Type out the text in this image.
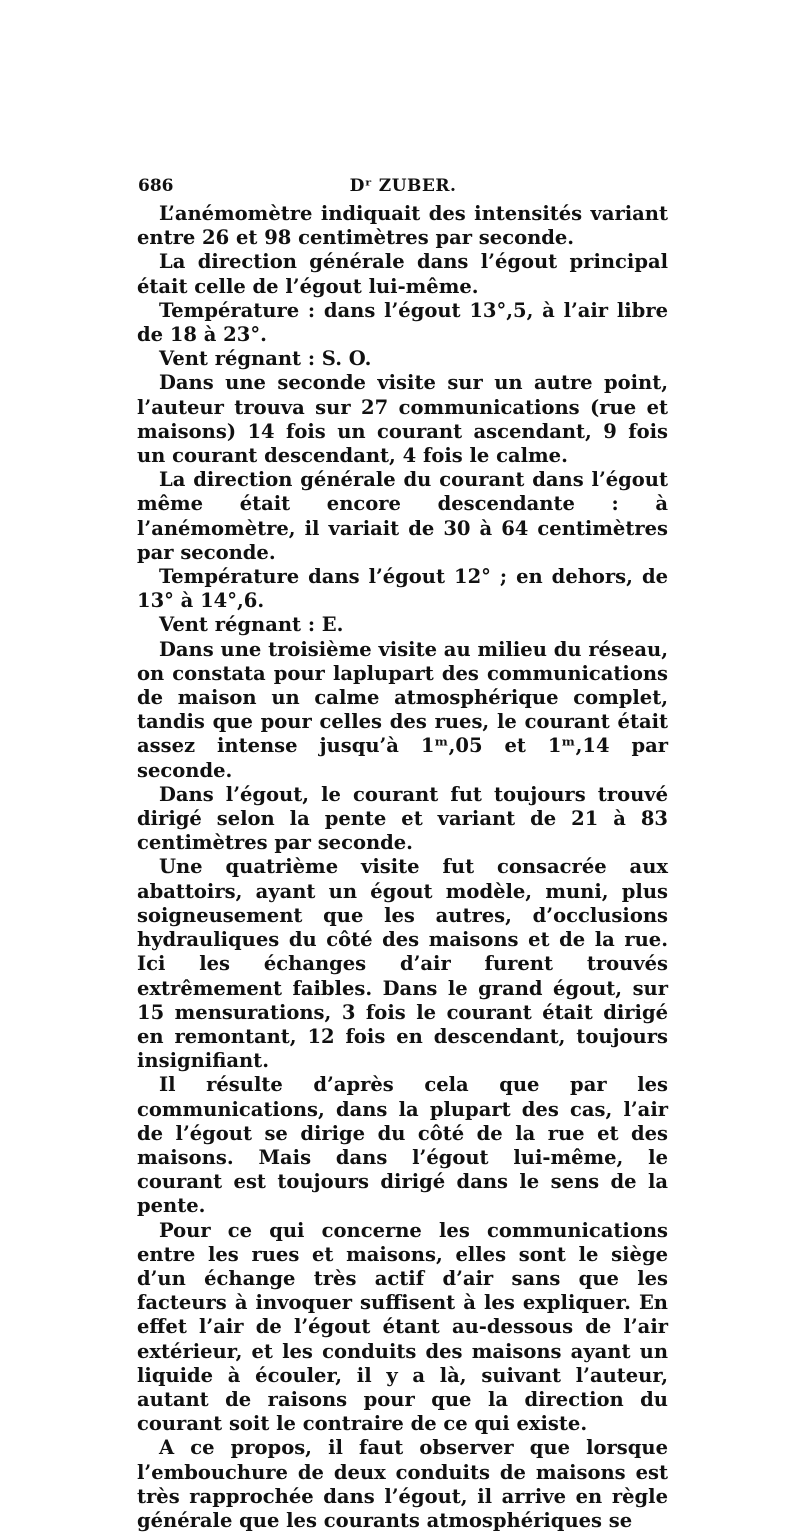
686	Dʳ ZUBER.

L’anémomètre indiquait des intensités variant entre 26 et 98 centimètres par seconde.

La direction générale dans l’égout principal était celle de l’égout lui-même.

Température : dans l’égout 13°,5, à l’air libre de 18 à 23°.

Vent régnant : S. O.

Dans une seconde visite sur un autre point, l’auteur trouva sur 27 communications (rue et maisons) 14 fois un courant ascendant, 9 fois un courant descendant, 4 fois le calme.

La direction générale du courant dans l’égout même était encore descendante : à l’anémomètre, il variait de 30 à 64 centimètres par seconde.

Température dans l’égout 12° ; en dehors, de 13° à 14°,6.

Vent régnant : E.

Dans une troisième visite au milieu du réseau, on constata pour laplupart des communications de maison un calme atmosphérique complet, tandis que pour celles des rues, le courant était assez intense jusqu’à 1ᵐ,05 et 1ᵐ,14 par seconde.

Dans l’égout, le courant fut toujours trouvé dirigé selon la pente et variant de 21 à 83 centimètres par seconde.

Une quatrième visite fut consacrée aux abattoirs, ayant un égout modèle, muni, plus soigneusement que les autres, d’occlusions hydrauliques du côté des maisons et de la rue. Ici les échanges d’air furent trouvés extrêmement faibles. Dans le grand égout, sur 15 mensurations, 3 fois le courant était dirigé en remontant, 12 fois en descendant, toujours insignifiant.

Il résulte d’après cela que par les communications, dans la plupart des cas, l’air de l’égout se dirige du côté de la rue et des maisons. Mais dans l’égout lui-même, le courant est toujours dirigé dans le sens de la pente.

Pour ce qui concerne les communications entre les rues et maisons, elles sont le siège d’un échange très actif d’air sans que les facteurs à invoquer suffisent à les expliquer. En effet l’air de l’égout étant au-dessous de l’air extérieur, et les conduits des maisons ayant un liquide à écouler, il y a là, suivant l’auteur, autant de raisons pour que la direction du courant soit le contraire de ce qui existe.

A ce propos, il faut observer que lorsque l’embouchure de deux conduits de maisons est très rapprochée dans l’égout, il arrive en règle générale que les courants atmosphériques se
